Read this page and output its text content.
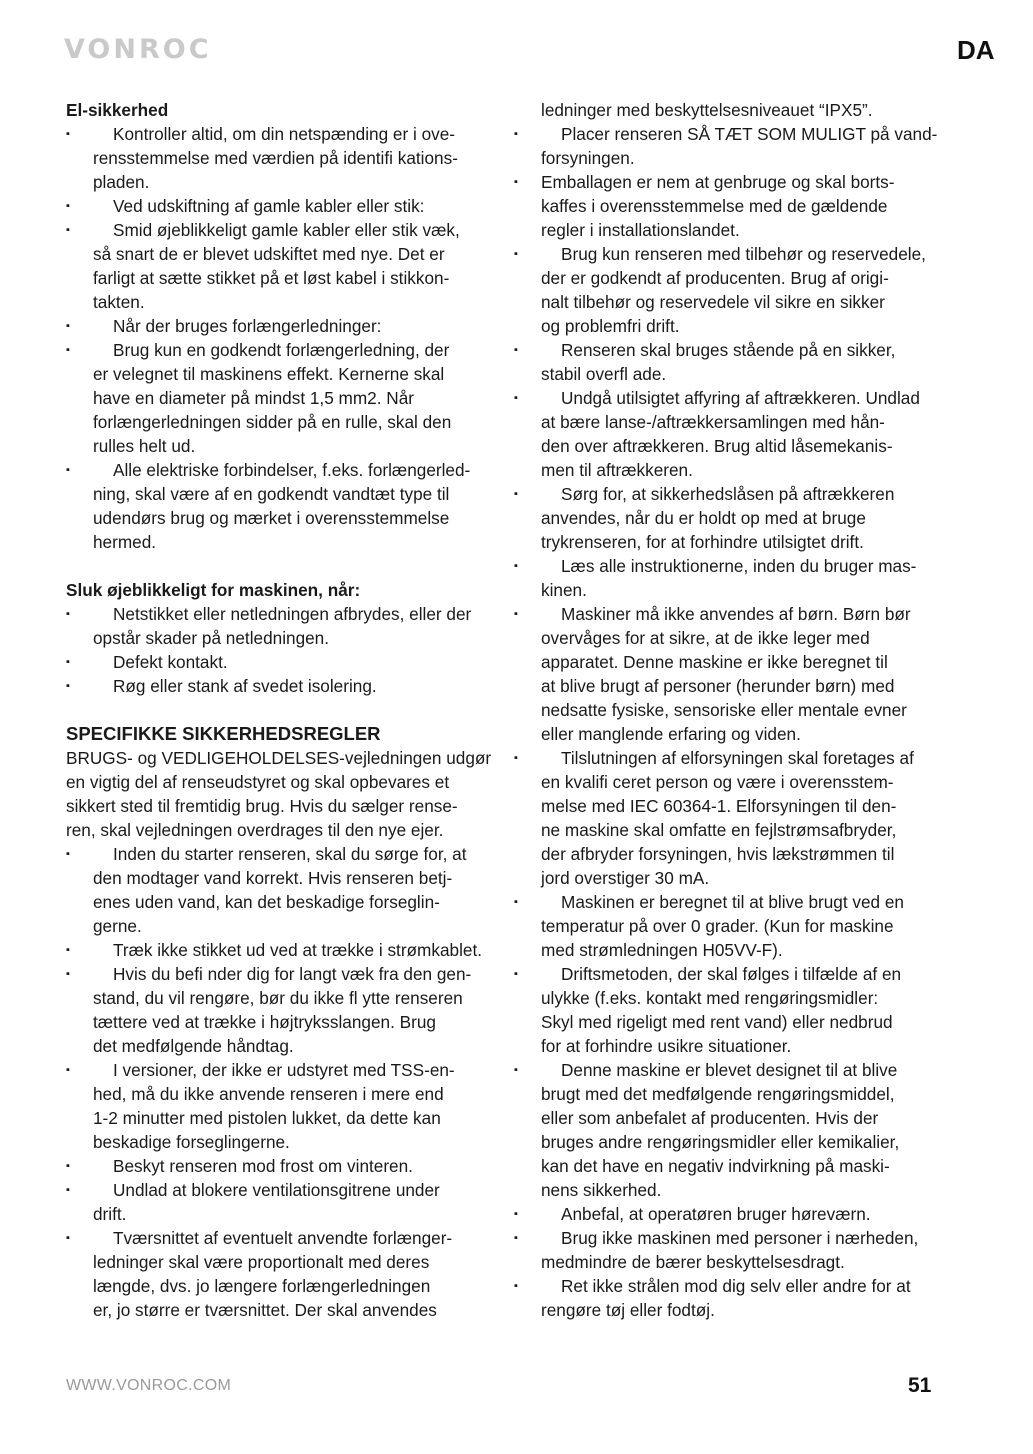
VONROC	DA
El-sikkerhed
▪	Kontroller altid, om din netspænding er i ove-
rensstemmelse med værdien på identifi kations-
pladen.
▪	Ved udskiftning af gamle kabler eller stik:
▪	Smid øjeblikkeligt gamle kabler eller stik væk,
så snart de er blevet udskiftet med nye. Det er
farligt at sætte stikket på et løst kabel i stikkon-
takten.
▪	Når der bruges forlængerledninger:
▪	Brug kun en godkendt forlængerledning, der
er velegnet til maskinens effekt. Kernerne skal
have en diameter på mindst 1,5 mm2. Når
forlængerledningen sidder på en rulle, skal den
rulles helt ud.
▪	Alle elektriske forbindelser, f.eks. forlængerled-
ning, skal være af en godkendt vandtæt type til
udendørs brug og mærket i overensstemmelse
hermed.
Sluk øjeblikkeligt for maskinen, når:
▪	Netstikket eller netledningen afbrydes, eller der
opstår skader på netledningen.
▪	Defekt kontakt.
▪	Røg eller stank af svedet isolering.
SPECIFIKKE SIKKERHEDSREGLER
BRUGS- og VEDLIGEHOLDELSES-vejledningen udgør
en vigtig del af renseudstyret og skal opbevares et
sikkert sted til fremtidig brug. Hvis du sælger rense-
ren, skal vejledningen overdrages til den nye ejer.
▪	Inden du starter renseren, skal du sørge for, at
den modtager vand korrekt. Hvis renseren betj-
enes uden vand, kan det beskadige forseglin-
gerne.
▪	Træk ikke stikket ud ved at trække i strømkablet.
▪	Hvis du befi nder dig for langt væk fra den gen-
stand, du vil rengøre, bør du ikke fl ytte renseren
tættere ved at trække i højtryksslangen. Brug
det medfølgende håndtag.
▪	I versioner, der ikke er udstyret med TSS-en-
hed, må du ikke anvende renseren i mere end
1-2 minutter med pistolen lukket, da dette kan
beskadige forseglingerne.
▪	Beskyt renseren mod frost om vinteren.
▪	Undlad at blokere ventilationsgitrene under
drift.
▪	Tværsnittet af eventuelt anvendte forlænger-
ledninger skal være proportionalt med deres
længde, dvs. jo længere forlængerledningen
er, jo større er tværsnittet. Der skal anvendes
ledninger med beskyttelsesniveauet “IPX5”.
▪	Placer renseren SÅ TÆT SOM MULIGT på vand-
forsyningen.
▪ Emballagen er nem at genbruge og skal borts-
kaffes i overensstemmelse med de gældende
regler i installationslandet.
▪	Brug kun renseren med tilbehør og reservedele,
der er godkendt af producenten. Brug af origi-
nalt tilbehør og reservedele vil sikre en sikker
og problemfri drift.
▪	Renseren skal bruges stående på en sikker,
stabil overfl ade.
▪	Undgå utilsigtet affyring af aftrækkeren. Undlad
at bære lanse-/aftrækkersamlingen med hån-
den over aftrækkeren. Brug altid låsemekanis-
men til aftrækkeren.
▪	Sørg for, at sikkerhedslåsen på aftrækkeren
anvendes, når du er holdt op med at bruge
trykrenseren, for at forhindre utilsigtet drift.
▪	Læs alle instruktionerne, inden du bruger mas-
kinen.
▪	Maskiner må ikke anvendes af børn. Børn bør
overvåges for at sikre, at de ikke leger med
apparatet. Denne maskine er ikke beregnet til
at blive brugt af personer (herunder børn) med
nedsatte fysiske, sensoriske eller mentale evner
eller manglende erfaring og viden.
▪	Tilslutningen af elforsyningen skal foretages af
en kvalifi ceret person og være i overensstem-
melse med IEC 60364-1. Elforsyningen til den-
ne maskine skal omfatte en fejlstrømsafbryder,
der afbryder forsyningen, hvis lækstrømmen til
jord overstiger 30 mA.
▪	Maskinen er beregnet til at blive brugt ved en
temperatur på over 0 grader. (Kun for maskine
med strømledningen H05VV-F).
▪	Driftsmetoden, der skal følges i tilfælde af en
ulykke (f.eks. kontakt med rengøringsmidler:
Skyl med rigeligt med rent vand) eller nedbrud
for at forhindre usikre situationer.
▪	Denne maskine er blevet designet til at blive
brugt med det medfølgende rengøringsmiddel,
eller som anbefalet af producenten. Hvis der
bruges andre rengøringsmidler eller kemikalier,
kan det have en negativ indvirkning på maski-
nens sikkerhed.
▪	Anbefal, at operatøren bruger høreværn.
▪	Brug ikke maskinen med personer i nærheden,
medmindre de bærer beskyttelsesdragt.
▪	Ret ikke strålen mod dig selv eller andre for at
rengøre tøj eller fodtøj.
WWW.VONROC.COM	51
